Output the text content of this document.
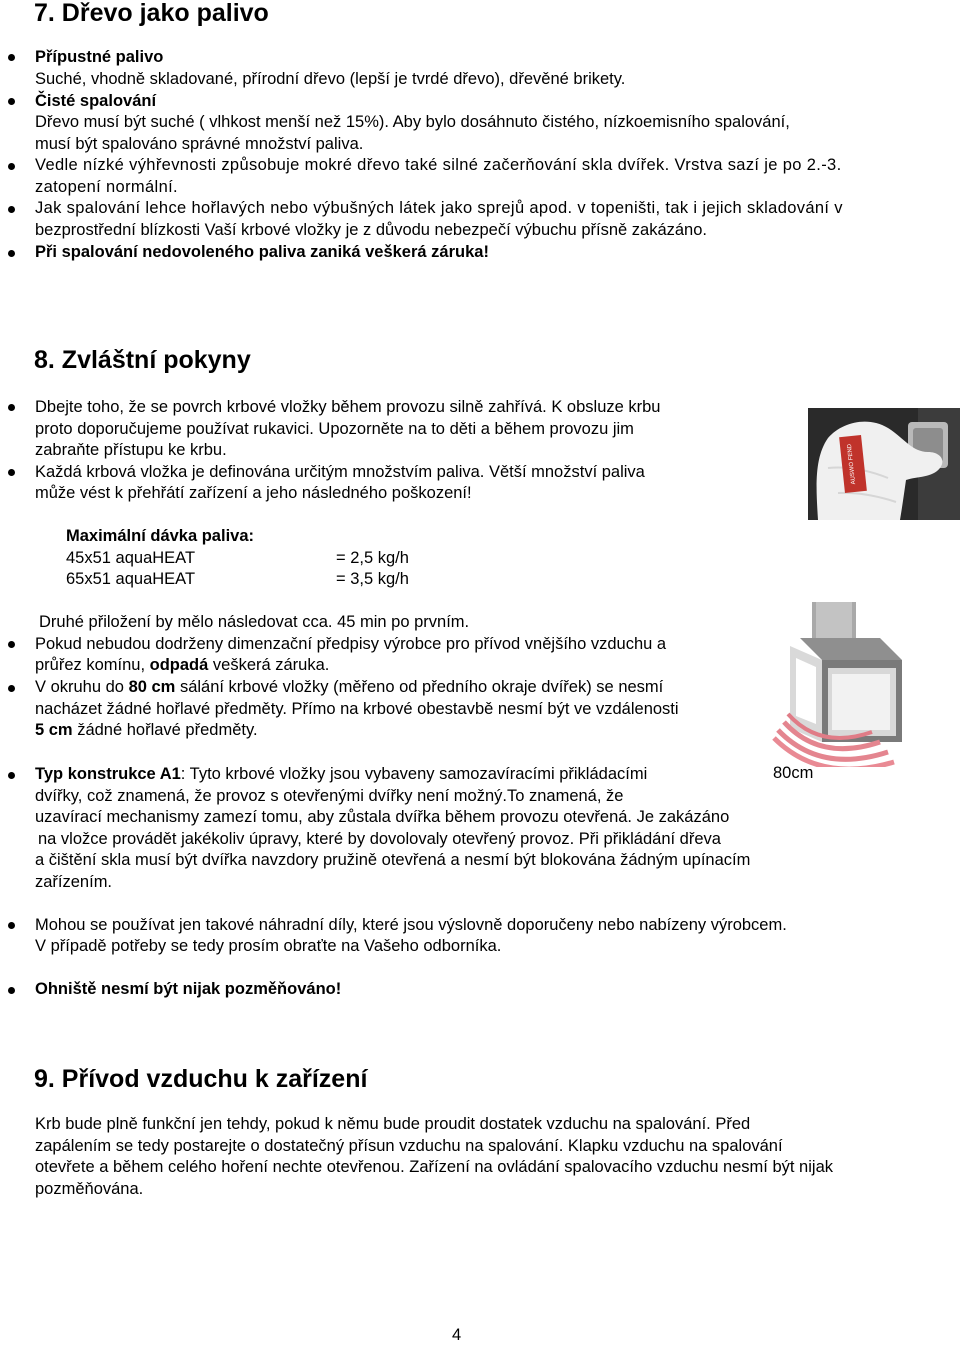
7. Dřevo jako palivo

Přípustné palivo

Suché, vhodně skladované, přírodní dřevo (lepší je tvrdé dřevo), dřevěné brikety.

Čisté spalování

Dřevo musí být suché ( vlhkost menší než 15%). Aby bylo dosáhnuto čistého, nízkoemisního spalování,

musí být spalováno správné množství paliva.

Vedle nízké výhřevnosti způsobuje mokré dřevo také silné začerňování skla dvířek. Vrstva sazí je po 2.-3.

zatopení normální.

Jak spalování lehce hořlavých nebo výbušných látek jako sprejů apod. v topeništi, tak i jejich skladování v

bezprostřední blízkosti Vaší krbové vložky je z důvodu nebezpečí výbuchu přísně zakázáno.

Při spalování nedovoleného paliva zaniká veškerá záruka!

8. Zvláštní pokyny

Dbejte toho, že se povrch krbové vložky během provozu silně zahřívá. K obsluze krbu

proto doporučujeme používat rukavici. Upozorněte na to děti a během provozu jim

zabraňte přístupu ke krbu.

Každá krbová vložka je definována určitým množstvím paliva. Větší množství paliva

může vést k přehřátí zařízení a jeho následného poškození!

AUSWO FEND

Maximální dávka paliva:

45x51 aquaHEAT	= 2,5 kg/h

65x51 aquaHEAT	= 3,5 kg/h

Druhé přiložení by mělo následovat cca. 45 min po prvním.

Pokud nebudou dodrženy dimenzační předpisy výrobce pro přívod vnějšího vzduchu a

průřez komínu, odpadá veškerá záruka.

V okruhu do 80 cm sálání krbové vložky (měřeno od předního okraje dvířek) se nesmí

nacházet žádné hořlavé předměty. Přímo na krbové obestavbě nesmí být ve vzdálenosti

5 cm žádné hořlavé předměty.

80cm

Typ konstrukce A1: Tyto krbové vložky jsou vybaveny samozavíracími přikládacími

dvířky, což znamená, že provoz s otevřenými dvířky není možný.To znamená, že

uzavírací mechanismy zamezí tomu, aby zůstala dvířka během provozu otevřená. Je zakázáno

na vložce provádět jakékoliv úpravy, které by dovolovaly otevřený provoz. Při přikládání dřeva

a čištění skla musí být dvířka navzdory pružině otevřená a nesmí být blokována žádným upínacím

zařízením.

Mohou se používat jen takové náhradní díly, které jsou výslovně doporučeny nebo nabízeny výrobcem.

V případě potřeby se tedy prosím obraťte na Vašeho odborníka.

Ohniště nesmí být nijak pozměňováno!

9. Přívod vzduchu k zařízení

Krb bude plně funkční jen tehdy, pokud k němu bude proudit dostatek vzduchu na spalování. Před

zapálením se tedy postarejte o dostatečný přísun vzduchu na spalování. Klapku vzduchu na spalování

otevřete a během celého hoření nechte otevřenou. Zařízení na ovládání spalovacího vzduchu nesmí být nijak

pozměňována.

4
